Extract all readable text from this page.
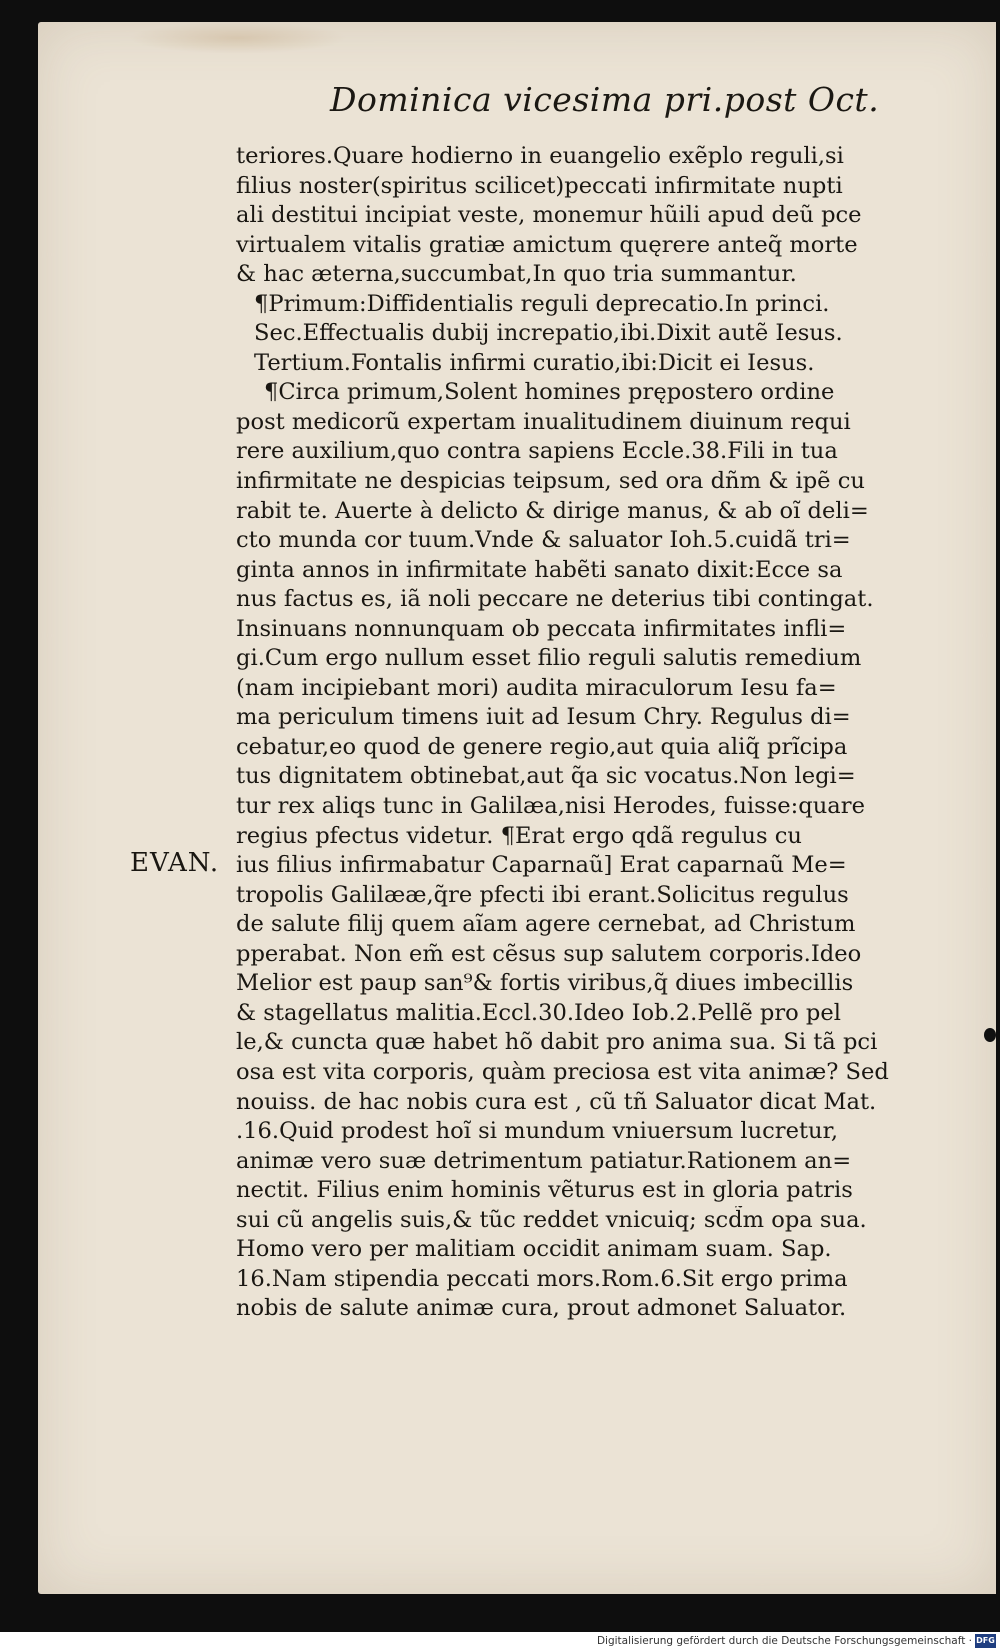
Dominica vicesima pri.post Oct.
EVAN.
teriores.Quare hodierno in euangelio exẽplo reguli,si
filius noster(spiritus scilicet)peccati infirmitate nupti
ali destitui incipiat veste, monemur hũili apud deũ pce
virtualem vitalis gratiæ amictum quęrere anteq̃ morte
& hac æterna,succumbat,In quo tria summantur.
¶Primum:Diffidentialis reguli deprecatio.In princi.
Sec.Effectualis dubij increpatio,ibi.Dixit autẽ Iesus.
Tertium.Fontalis infirmi curatio,ibi:Dicit ei Iesus.
¶Circa primum,Solent homines prępostero ordine
post medicorũ expertam inualitudinem diuinum requi
rere auxilium,quo contra sapiens Eccle.38.Fili in tua
infirmitate ne despicias teipsum, sed ora dñm & ipẽ cu
rabit te. Auerte à delicto & dirige manus, & ab oĩ deli=
cto munda cor tuum.Vnde & saluator Ioh.5.cuidã tri=
ginta annos in infirmitate habẽti sanato dixit:Ecce sa
nus factus es, iã noli peccare ne deterius tibi contingat.
Insinuans nonnunquam ob peccata infirmitates infli=
gi.Cum ergo nullum esset filio reguli salutis remedium
(nam incipiebant mori) audita miraculorum Iesu fa=
ma periculum timens iuit ad Iesum Chry. Regulus di=
cebatur,eo quod de genere regio,aut quia aliq̃ prĩcipa
tus dignitatem obtinebat,aut q̃a sic vocatus.Non legi=
tur rex aliqs tunc in Galilæa,nisi Herodes, fuisse:quare
regius pfectus videtur. ¶Erat ergo qdã regulus cu
ius filius infirmabatur Caparnaũ] Erat caparnaũ Me=
tropolis Galilææ,q̃re pfecti ibi erant.Solicitus regulus
de salute filij quem aĩam agere cernebat, ad Christum
pperabat. Non em̃ est cẽsus sup salutem corporis.Ideo
Melior est paup san⁹& fortis viribus,q̃ diues imbecillis
& stagellatus malitia.Eccl.30.Ideo Iob.2.Pellẽ pro pel
le,& cuncta quæ habet hõ dabit pro anima sua. Si tã pci
osa est vita corporis, quàm preciosa est vita animæ? Sed
nouiss. de hac nobis cura est , cũ tñ Saluator dicat Mat.
.16.Quid prodest hoĩ si mundum vniuersum lucretur,
animæ vero suæ detrimentum patiatur.Rationem an=
nectit. Filius enim hominis vẽturus est in gloria patris
sui cũ angelis suis,& tũc reddet vnicuiq; scd̃m opa sua.
Homo vero per malitiam occidit animam suam. Sap.
16.Nam stipendia peccati mors.Rom.6.Sit ergo prima
nobis de salute animæ cura, prout admonet Saluator.
Digitalisierung gefördert durch die Deutsche Forschungsgemeinschaft · DFG
